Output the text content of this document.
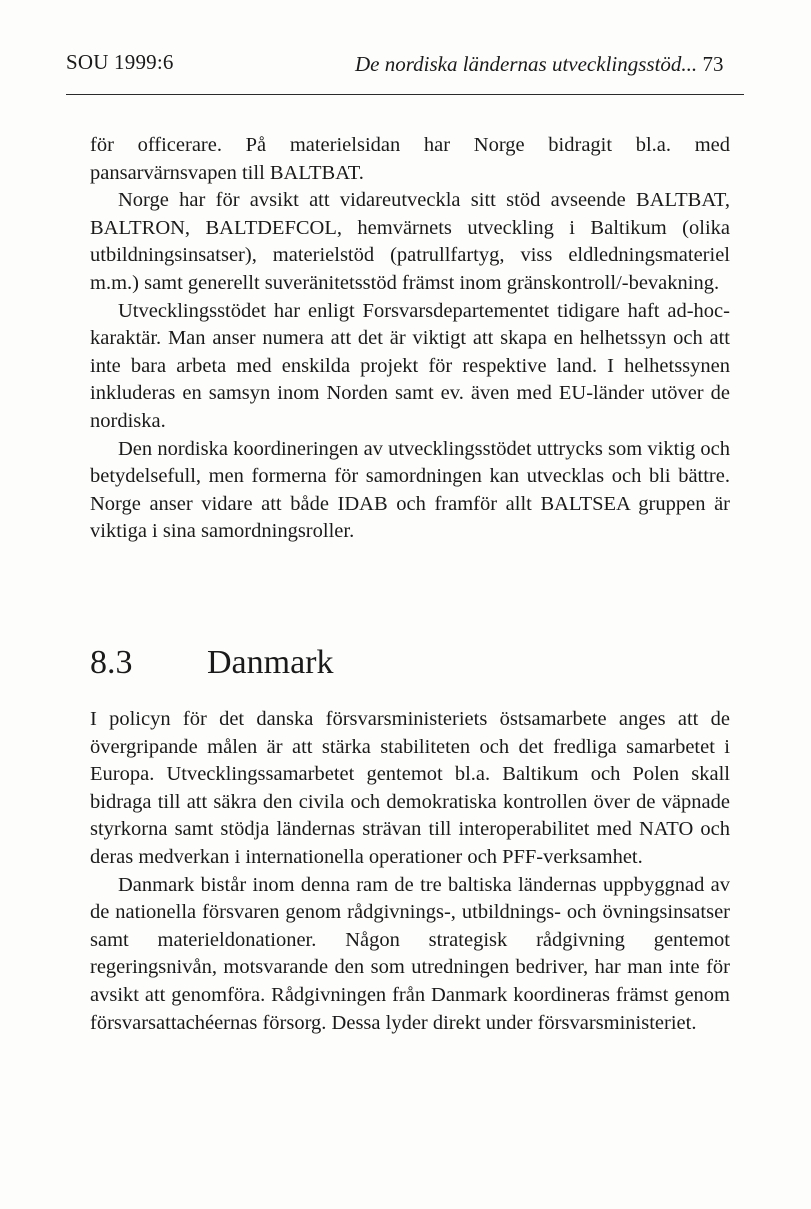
SOU 1999:6	De nordiska ländernas utvecklingsstöd... 73

för officerare. På materielsidan har Norge bidragit bl.a. med pansarvärnsvapen till BALTBAT.

Norge har för avsikt att vidareutveckla sitt stöd avseende BALTBAT, BALTRON, BALTDEFCOL, hemvärnets utveckling i Baltikum (olika utbildningsinsatser), materielstöd (patrullfartyg, viss eldledningsmateriel m.m.) samt generellt suveränitetsstöd främst inom gränskontroll/-bevakning.

Utvecklingsstödet har enligt Forsvarsdepartementet tidigare haft ad-hoc-karaktär. Man anser numera att det är viktigt att skapa en helhetssyn och att inte bara arbeta med enskilda projekt för respektive land. I helhetssynen inkluderas en samsyn inom Norden samt ev. även med EU-länder utöver de nordiska.

Den nordiska koordineringen av utvecklingsstödet uttrycks som viktig och betydelsefull, men formerna för samordningen kan utvecklas och bli bättre. Norge anser vidare att både IDAB och framför allt BALTSEA gruppen är viktiga i sina samordningsroller.

8.3 Danmark

I policyn för det danska försvarsministeriets östsamarbete anges att de övergripande målen är att stärka stabiliteten och det fredliga samarbetet i Europa. Utvecklingssamarbetet gentemot bl.a. Baltikum och Polen skall bidraga till att säkra den civila och demokratiska kontrollen över de väpnade styrkorna samt stödja ländernas strävan till interoperabilitet med NATO och deras medverkan i internationella operationer och PFF-verksamhet.

Danmark bistår inom denna ram de tre baltiska ländernas uppbyggnad av de nationella försvaren genom rådgivnings-, utbildnings- och övningsinsatser samt materieldonationer. Någon strategisk rådgivning gentemot regeringsnivån, motsvarande den som utredningen bedriver, har man inte för avsikt att genomföra. Rådgivningen från Danmark koordineras främst genom försvarsattachéernas försorg. Dessa lyder direkt under försvarsministeriet.
